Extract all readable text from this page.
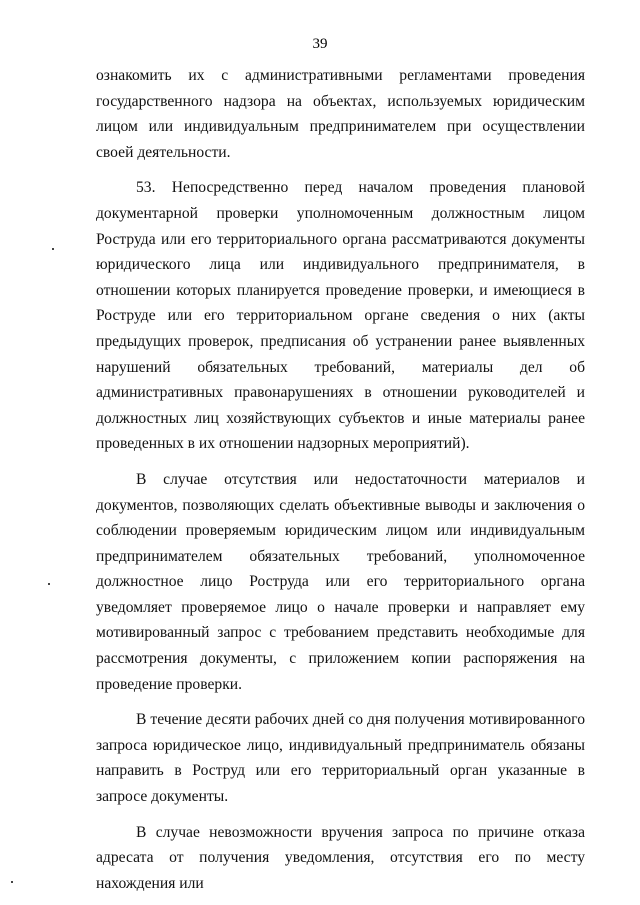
39

ознакомить их с административными регламентами проведения государственного надзора на объектах, используемых юридическим лицом или индивидуальным предпринимателем при осуществлении своей деятельности.

53. Непосредственно перед началом проведения плановой документарной проверки уполномоченным должностным лицом Роструда или его территориального органа рассматриваются документы юридического лица или индивидуального предпринимателя, в отношении которых планируется проведение проверки, и имеющиеся в Роструде или его территориальном органе сведения о них (акты предыдущих проверок, предписания об устранении ранее выявленных нарушений обязательных требований, материалы дел об административных правонарушениях в отношении руководителей и должностных лиц хозяйствующих субъектов и иные материалы ранее проведенных в их отношении надзорных мероприятий).

В случае отсутствия или недостаточности материалов и документов, позволяющих сделать объективные выводы и заключения о соблюдении проверяемым юридическим лицом или индивидуальным предпринимателем обязательных требований, уполномоченное должностное лицо Роструда или его территориального органа уведомляет проверяемое лицо о начале проверки и направляет ему мотивированный запрос с требованием представить необходимые для рассмотрения документы, с приложением копии распоряжения на проведение проверки.

В течение десяти рабочих дней со дня получения мотивированного запроса юридическое лицо, индивидуальный предприниматель обязаны направить в Роструд или его территориальный орган указанные в запросе документы.

В случае невозможности вручения запроса по причине отказа адресата от получения уведомления, отсутствия его по месту нахождения или
